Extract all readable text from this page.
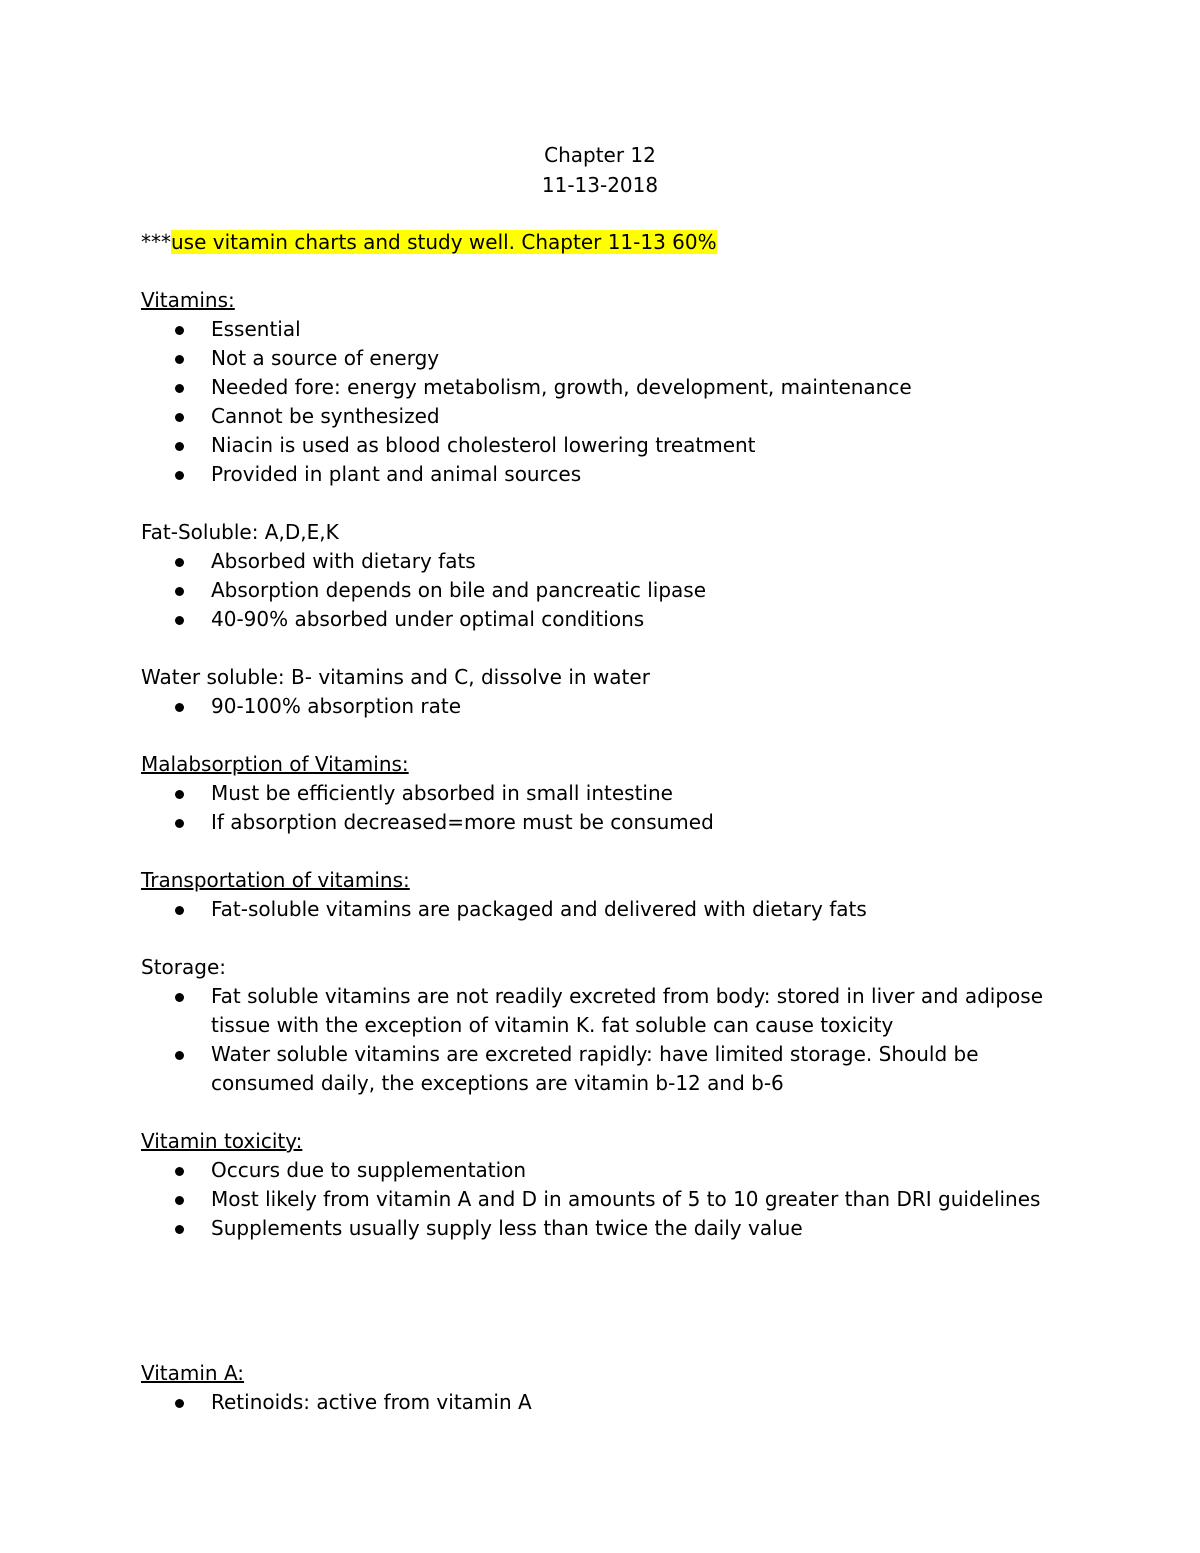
Chapter 12
11-13-2018
***use vitamin charts and study well. Chapter 11-13 60%
Vitamins:
Essential
Not a source of energy
Needed fore: energy metabolism, growth, development, maintenance
Cannot be synthesized
Niacin is used as blood cholesterol lowering treatment
Provided in plant and animal sources
Fat-Soluble: A,D,E,K
Absorbed with dietary fats
Absorption depends on bile and pancreatic lipase
40-90% absorbed under optimal conditions
Water soluble: B- vitamins and C, dissolve in water
90-100% absorption rate
Malabsorption of Vitamins:
Must be efficiently absorbed in small intestine
If absorption decreased=more must be consumed
Transportation of vitamins:
Fat-soluble vitamins are packaged and delivered with dietary fats
Storage:
Fat soluble vitamins are not readily excreted from body: stored in liver and adipose tissue with the exception of vitamin K. fat soluble can cause toxicity
Water soluble vitamins are excreted rapidly: have limited storage. Should be consumed daily, the exceptions are vitamin b-12 and b-6
Vitamin toxicity:
Occurs due to supplementation
Most likely from vitamin A and D in amounts of 5 to 10 greater than DRI guidelines
Supplements usually supply less than twice the daily value
Vitamin A:
Retinoids: active from vitamin A
